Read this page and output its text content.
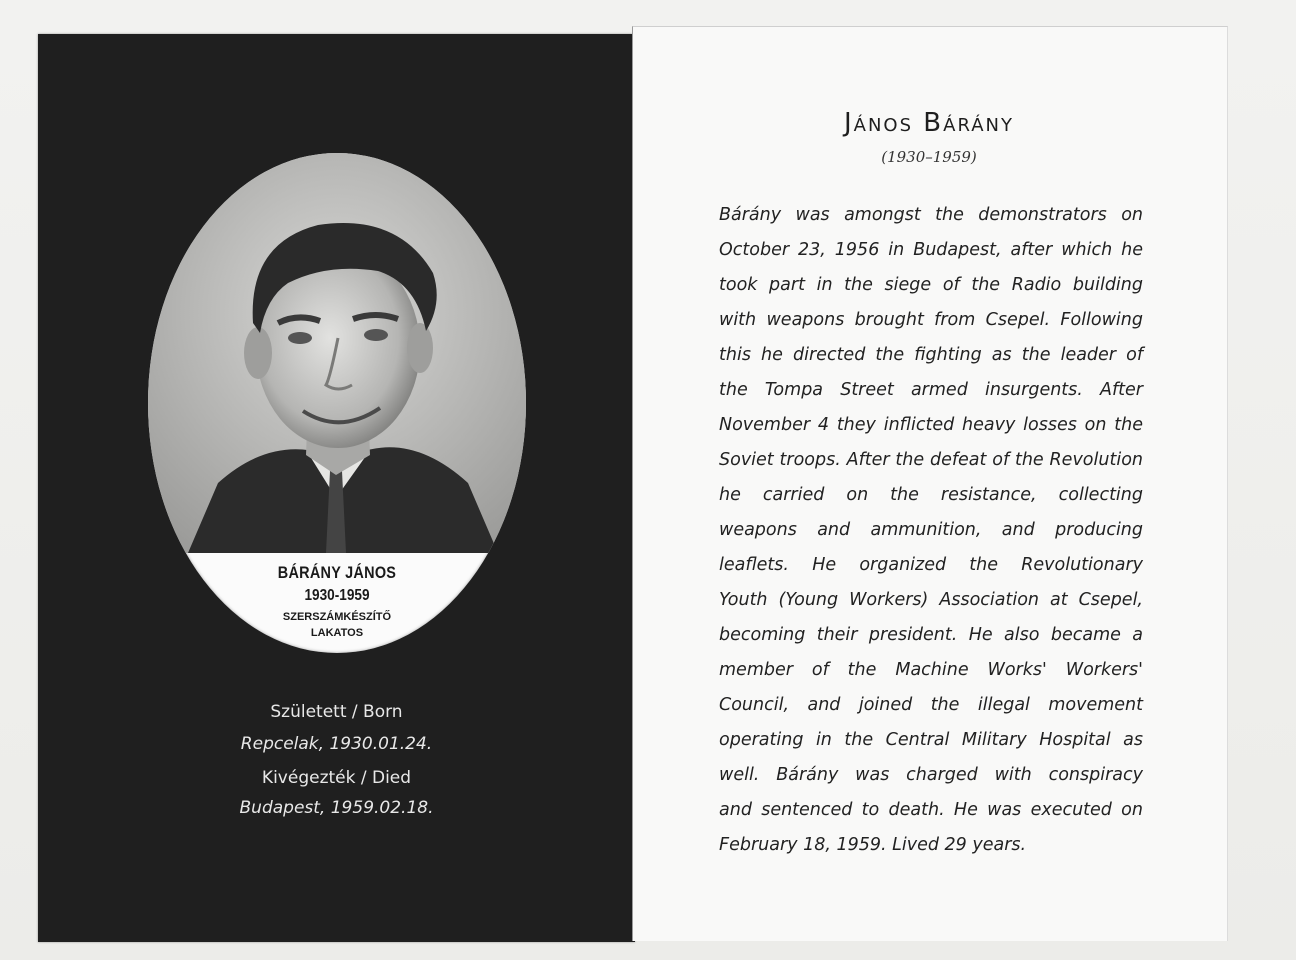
BÁRÁNY JÁNOS
1930-1959
SZERSZÁMKÉSZÍTŐ
LAKATOS
Született / Born
Repcelak, 1930.01.24.
Kivégezték / Died
Budapest, 1959.02.18.
János Bárány
(1930–1959)
Bárány was amongst the demonstrators on
October 23, 1956 in Budapest, after which he
took part in the siege of the Radio building
with weapons brought from Csepel. Following
this he directed the fighting as the leader of
the Tompa Street armed insurgents. After
November 4 they inflicted heavy losses on the
Soviet troops. After the defeat of the Revolution
he carried on the resistance, collecting
weapons and ammunition, and producing
leaflets. He organized the Revolutionary
Youth (Young Workers) Association at Csepel,
becoming their president. He also became a
member of the Machine Works' Workers'
Council, and joined the illegal movement
operating in the Central Military Hospital as
well. Bárány was charged with conspiracy
and sentenced to death. He was executed on
February 18, 1959. Lived 29 years.
